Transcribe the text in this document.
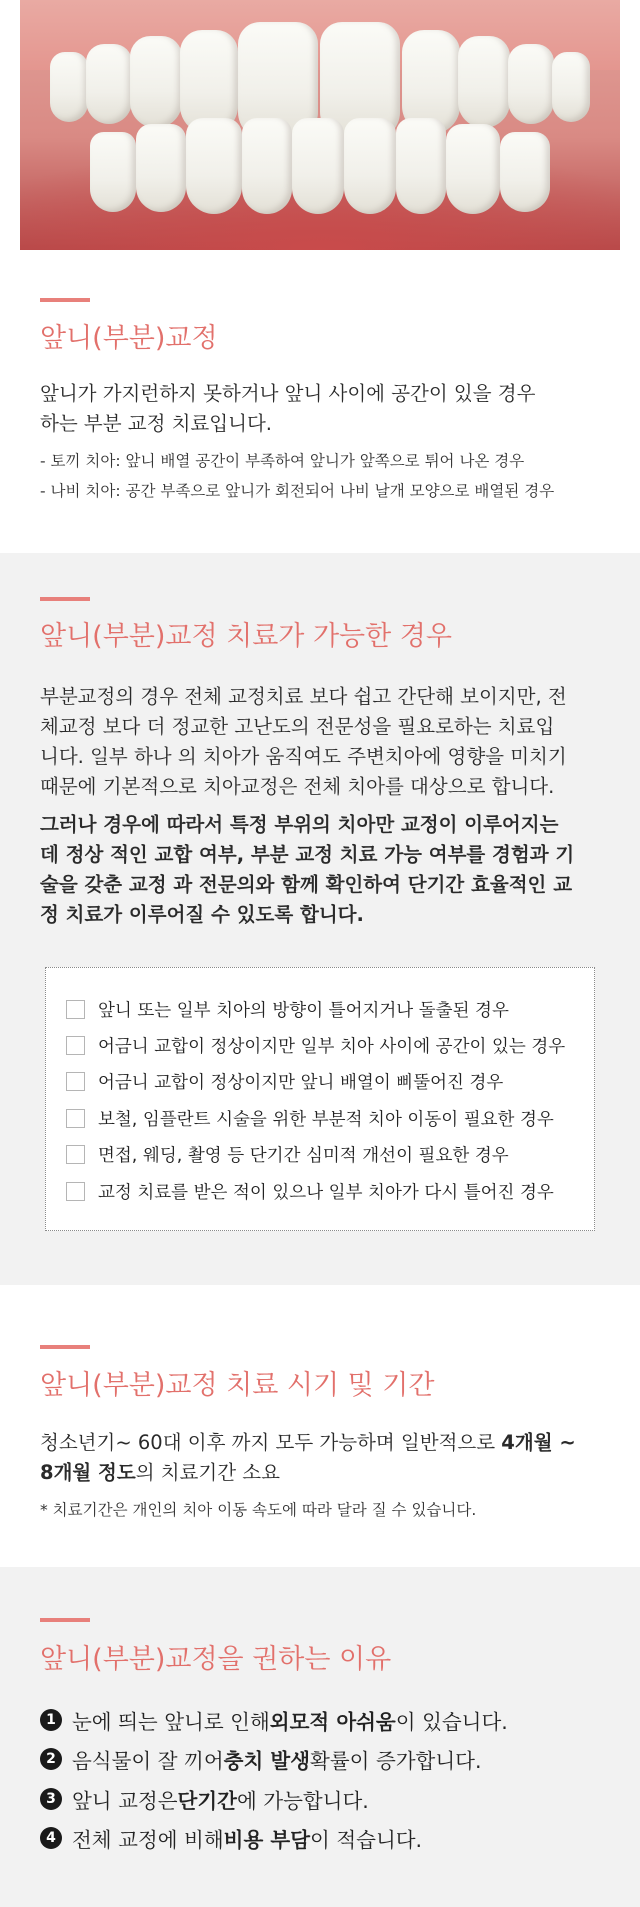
앞니(부분)교정
앞니가 가지런하지 못하거나 앞니 사이에 공간이 있을 경우
하는 부분 교정 치료입니다.
- 토끼 치아: 앞니 배열 공간이 부족하여 앞니가 앞쪽으로 튀어 나온 경우
- 나비 치아: 공간 부족으로 앞니가 회전되어 나비 날개 모양으로 배열된 경우
앞니(부분)교정 치료가 가능한 경우
부분교정의 경우 전체 교정치료 보다 쉽고 간단해 보이지만, 전
체교정 보다 더 정교한 고난도의 전문성을 필요로하는 치료입
니다. 일부 하나 의 치아가 움직여도 주변치아에 영향을 미치기
때문에 기본적으로 치아교정은 전체 치아를 대상으로 합니다.
그러나 경우에 따라서 특정 부위의 치아만 교정이 이루어지는
데 정상 적인 교합 여부, 부분 교정 치료 가능 여부를 경험과 기
술을 갖춘 교정 과 전문의와 함께 확인하여 단기간 효율적인 교
정 치료가 이루어질 수 있도록 합니다.
앞니 또는 일부 치아의 방향이 틀어지거나 돌출된 경우
어금니 교합이 정상이지만 일부 치아 사이에 공간이 있는 경우
어금니 교합이 정상이지만 앞니 배열이 삐뚤어진 경우
보철, 임플란트 시술을 위한 부분적 치아 이동이 필요한 경우
면접, 웨딩, 촬영 등 단기간 심미적 개선이 필요한 경우
교정 치료를 받은 적이 있으나 일부 치아가 다시 틀어진 경우
앞니(부분)교정 치료 시기 및 기간
청소년기~ 60대 이후 까지 모두 가능하며 일반적으로 4개월 ~
8개월 정도의 치료기간 소요
* 치료기간은 개인의 치아 이동 속도에 따라 달라 질 수 있습니다.
앞니(부분)교정을 권하는 이유
1 눈에 띄는 앞니로 인해 외모적 아쉬움 이 있습니다.
2 음식물이 잘 끼어 충치 발생 확률이 증가합니다.
3 앞니 교정은 단기간 에 가능합니다.
4 전체 교정에 비해 비용 부담 이 적습니다.
